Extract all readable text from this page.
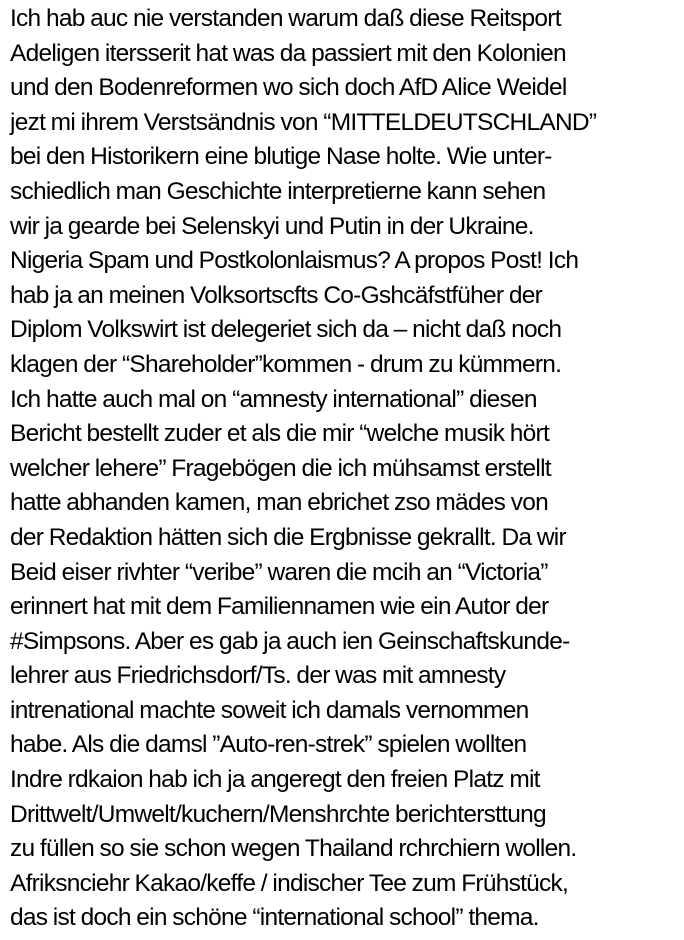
Ich hab auc nie verstanden warum daß diese Reitsport
Adeligen itersserit hat was da passiert mit den Kolonien
und den Bodenreformen wo sich doch AfD Alice Weidel
jezt mi ihrem Verstsändnis von “MITTELDEUTSCHLAND”
bei den Historikern eine blutige Nase holte. Wie unter-
schiedlich man Geschichte interpretierne kann sehen
wir ja gearde bei Selenskyi und Putin in der Ukraine.
Nigeria Spam und Postkolonlaismus? A propos Post! Ich
hab ja an meinen Volksortscfts Co-Gshcäfstfüher der
Diplom Volkswirt ist delegeriet sich da – nicht daß noch
klagen der “Shareholder”kommen - drum zu kümmern.
Ich hatte auch mal on “amnesty international” diesen
Bericht bestellt zuder et als die mir “welche musik hört
welcher lehere” Fragebögen die ich mühsamst erstellt
hatte abhanden kamen, man ebrichet zso mädes von
der Redaktion hätten sich die Ergbnisse gekrallt. Da wir
Beid eiser rivhter “veribe” waren die mcih an “Victoria”
erinnert hat mit dem Familiennamen wie ein Autor der
#Simpsons. Aber es gab ja auch ien Geinschaftskunde-
lehrer aus Friedrichsdorf/Ts. der was mit amnesty
intrenational machte soweit ich damals vernommen
habe. Als die damsl ”Auto-ren-strek” spielen wollten
Indre rdkaion hab ich ja angeregt den freien Platz mit
Drittwelt/Umwelt/kuchern/Menshrchte berichtersttung
zu füllen so sie schon wegen Thailand rchrchiern wollen.
Afriksnciehr Kakao/keffe / indischer Tee zum Frühstück,
das ist doch ein schöne “international school” thema.
